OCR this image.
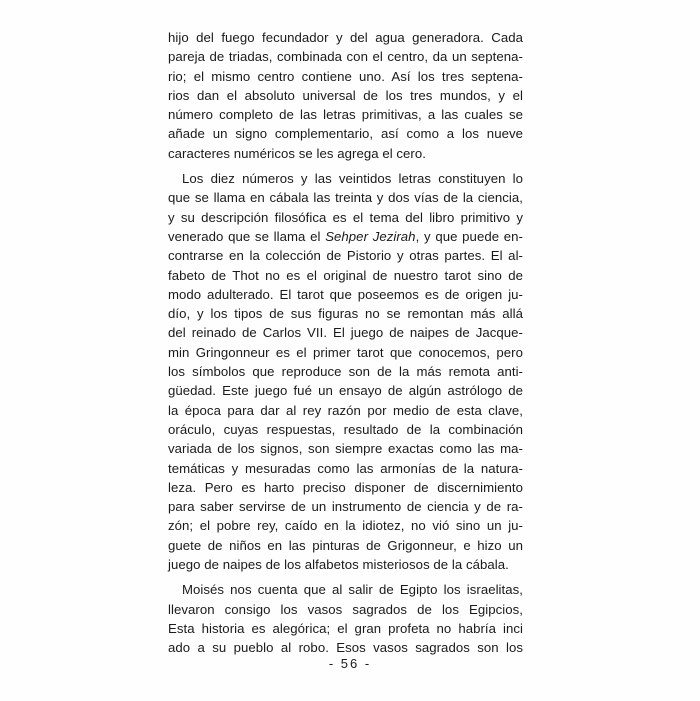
​
hijo del fuego fecundador y del agua generadora. Cada
pareja de triadas, combinada con el centro, da un septena-
rio; el mismo centro contiene uno. Así los tres septena-
rios dan el absoluto universal de los tres mundos, y el
número completo de las letras primitivas, a las cuales se
añade un signo complementario, así como a los nueve
caracteres numéricos se les agrega el cero.
Los diez números y las veintidos letras constituyen lo
que se llama en cábala las treinta y dos vías de la ciencia,
y su descripción filosófica es el tema del libro primitivo y
venerado que se llama el Sehper Jezirah, y que puede en-
contrarse en la colección de Pistorio y otras partes. El al-
fabeto de Thot no es el original de nuestro tarot sino de
modo adulterado. El tarot que poseemos es de origen ju-
dío, y los tipos de sus figuras no se remontan más allá
del reinado de Carlos VII. El juego de naipes de Jacque-
min Gringonneur es el primer tarot que conocemos, pero
los símbolos que reproduce son de la más remota anti-
güedad. Este juego fué un ensayo de algún astrólogo de
la época para dar al rey razón por medio de esta clave,
oráculo, cuyas respuestas, resultado de la combinación
variada de los signos, son siempre exactas como las ma-
temáticas y mesuradas como las armonías de la natura-
leza. Pero es harto preciso disponer de discernimiento
para saber servirse de un instrumento de ciencia y de ra-
zón; el pobre rey, caído en la idiotez, no vió sino un ju-
guete de niños en las pinturas de Grigonneur, e hizo un
juego de naipes de los alfabetos misteriosos de la cábala.
Moisés nos cuenta que al salir de Egipto los israelitas,
llevaron consigo los vasos sagrados de los Egipcios,
Esta historia es alegórica; el gran profeta no habría inci
ado a su pueblo al robo. Esos vasos sagrados son los
- 56 -
